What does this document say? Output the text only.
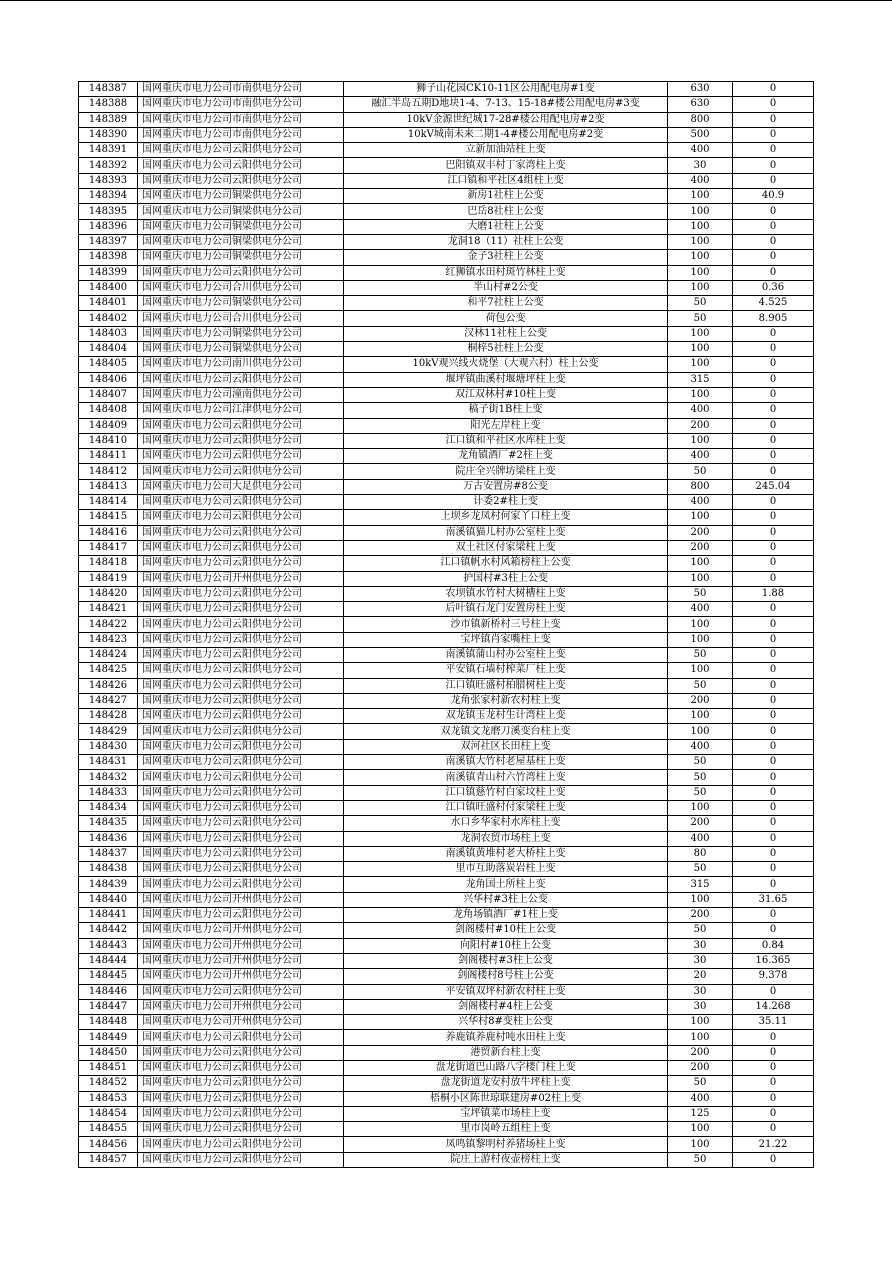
148387	国网重庆市电力公司市南供电分公司	狮子山花园CK10-11区公用配电房#1变	630	0
148388	国网重庆市电力公司市南供电分公司	融汇半岛五期D地块1-4、7-13、15-18#楼公用配电房#3变	630	0
148389	国网重庆市电力公司市南供电分公司	10kV金源世纪城17-28#楼公用配电房#2变	800	0
148390	国网重庆市电力公司市南供电分公司	10kV城南未来二期1-4#楼公用配电房#2变	500	0
148391	国网重庆市电力公司云阳供电分公司	立新加油站柱上变	400	0
148392	国网重庆市电力公司云阳供电分公司	巴阳镇双丰村丁家湾柱上变	30	0
148393	国网重庆市电力公司云阳供电分公司	江口镇和平社区4组柱上变	400	0
148394	国网重庆市电力公司铜梁供电分公司	新房1社柱上公变	100	40.9
148395	国网重庆市电力公司铜梁供电分公司	巴岳8社柱上公变	100	0
148396	国网重庆市电力公司铜梁供电分公司	大磨1社柱上公变	100	0
148397	国网重庆市电力公司铜梁供电分公司	龙洞18（11）社柱上公变	100	0
148398	国网重庆市电力公司铜梁供电分公司	金子3社柱上公变	100	0
148399	国网重庆市电力公司云阳供电分公司	红狮镇水田村斑竹林柱上变	100	0
148400	国网重庆市电力公司合川供电分公司	半山村#2公变	100	0.36
148401	国网重庆市电力公司铜梁供电分公司	和平7社柱上公变	50	4.525
148402	国网重庆市电力公司合川供电分公司	荷包公变	50	8.905
148403	国网重庆市电力公司铜梁供电分公司	汉林11社柱上公变	100	0
148404	国网重庆市电力公司铜梁供电分公司	桐梓5社柱上公变	100	0
148405	国网重庆市电力公司南川供电分公司	10kV观兴线火烧堡（大观六村）柱上公变	100	0
148406	国网重庆市电力公司云阳供电分公司	堰坪镇曲溪村堰塘坪柱上变	315	0
148407	国网重庆市电力公司潼南供电分公司	双江双林村#10柱上变	100	0
148408	国网重庆市电力公司江津供电分公司	稿子街1B柱上变	400	0
148409	国网重庆市电力公司云阳供电分公司	阳光左岸柱上变	200	0
148410	国网重庆市电力公司云阳供电分公司	江口镇和平社区水库柱上变	100	0
148411	国网重庆市电力公司云阳供电分公司	龙角镇酒厂#2柱上变	400	0
148412	国网重庆市电力公司云阳供电分公司	院庄全兴牌坊梁柱上变	50	0
148413	国网重庆市电力公司大足供电分公司	万古安置房#8公变	800	245.04
148414	国网重庆市电力公司云阳供电分公司	计委2#柱上变	400	0
148415	国网重庆市电力公司云阳供电分公司	上坝乡龙凤村何家丫口柱上变	100	0
148416	国网重庆市电力公司云阳供电分公司	南溪镇猫儿村办公室柱上变	200	0
148417	国网重庆市电力公司云阳供电分公司	双土社区付家梁柱上变	200	0
148418	国网重庆市电力公司云阳供电分公司	江口镇帆水村风箱榜柱上公变	100	0
148419	国网重庆市电力公司开州供电分公司	护国村#3柱上公变	100	0
148420	国网重庆市电力公司云阳供电分公司	农坝镇水竹村大树槽柱上变	50	1.88
148421	国网重庆市电力公司云阳供电分公司	后叶镇石龙门安置房柱上变	400	0
148422	国网重庆市电力公司云阳供电分公司	沙市镇新桥村三号柱上变	100	0
148423	国网重庆市电力公司云阳供电分公司	宝坪镇肖家嘴柱上变	100	0
148424	国网重庆市电力公司云阳供电分公司	南溪镇蒲山村办公室柱上变	50	0
148425	国网重庆市电力公司云阳供电分公司	平安镇石墙村榨菜厂柱上变	100	0
148426	国网重庆市电力公司云阳供电分公司	江口镇旺盛村柏腊树柱上变	50	0
148427	国网重庆市电力公司云阳供电分公司	龙角张家村新农村柱上变	200	0
148428	国网重庆市电力公司云阳供电分公司	双龙镇玉龙村生计湾柱上变	100	0
148429	国网重庆市电力公司云阳供电分公司	双龙镇文龙磨刀溪变台柱上变	100	0
148430	国网重庆市电力公司云阳供电分公司	双河社区长田柱上变	400	0
148431	国网重庆市电力公司云阳供电分公司	南溪镇大竹村老屋基柱上变	50	0
148432	国网重庆市电力公司云阳供电分公司	南溪镇青山村六竹湾柱上变	50	0
148433	国网重庆市电力公司云阳供电分公司	江口镇慈竹村白家坟柱上变	50	0
148434	国网重庆市电力公司云阳供电分公司	江口镇旺盛村付家梁柱上变	100	0
148435	国网重庆市电力公司云阳供电分公司	水口乡华家村水库柱上变	200	0
148436	国网重庆市电力公司云阳供电分公司	龙洞农贸市场柱上变	400	0
148437	国网重庆市电力公司云阳供电分公司	南溪镇黄堆村老大桥柱上变	80	0
148438	国网重庆市电力公司云阳供电分公司	里市互助落炭岩柱上变	50	0
148439	国网重庆市电力公司云阳供电分公司	龙角国土所柱上变	315	0
148440	国网重庆市电力公司开州供电分公司	兴华村#3柱上公变	100	31.65
148441	国网重庆市电力公司云阳供电分公司	龙角场镇酒厂#1柱上变	200	0
148442	国网重庆市电力公司开州供电分公司	剑阁楼村#10柱上公变	50	0
148443	国网重庆市电力公司开州供电分公司	向阳村#10柱上公变	30	0.84
148444	国网重庆市电力公司开州供电分公司	剑阁楼村#3柱上公变	30	16.365
148445	国网重庆市电力公司开州供电分公司	剑阁楼村8号柱上公变	20	9.378
148446	国网重庆市电力公司云阳供电分公司	平安镇双坪村新农村柱上变	30	0
148447	国网重庆市电力公司开州供电分公司	剑阁楼村#4柱上公变	30	14.268
148448	国网重庆市电力公司开州供电分公司	兴华村8#变柱上公变	100	35.11
148449	国网重庆市电力公司云阳供电分公司	养鹿镇养鹿村吨水田柱上变	100	0
148450	国网重庆市电力公司云阳供电分公司	港贸新台柱上变	200	0
148451	国网重庆市电力公司云阳供电分公司	盘龙街道巴山路八字楼门柱上变	200	0
148452	国网重庆市电力公司云阳供电分公司	盘龙街道龙安村放牛坪柱上变	50	0
148453	国网重庆市电力公司云阳供电分公司	梧桐小区陈世琼联建房#02柱上变	400	0
148454	国网重庆市电力公司云阳供电分公司	宝坪镇菜市场柱上变	125	0
148455	国网重庆市电力公司云阳供电分公司	里市岗岭五组柱上变	100	0
148456	国网重庆市电力公司云阳供电分公司	凤鸣镇黎明村养猪场柱上变	100	21.22
148457	国网重庆市电力公司云阳供电分公司	院庄上游村夜壶榜柱上变	50	0
